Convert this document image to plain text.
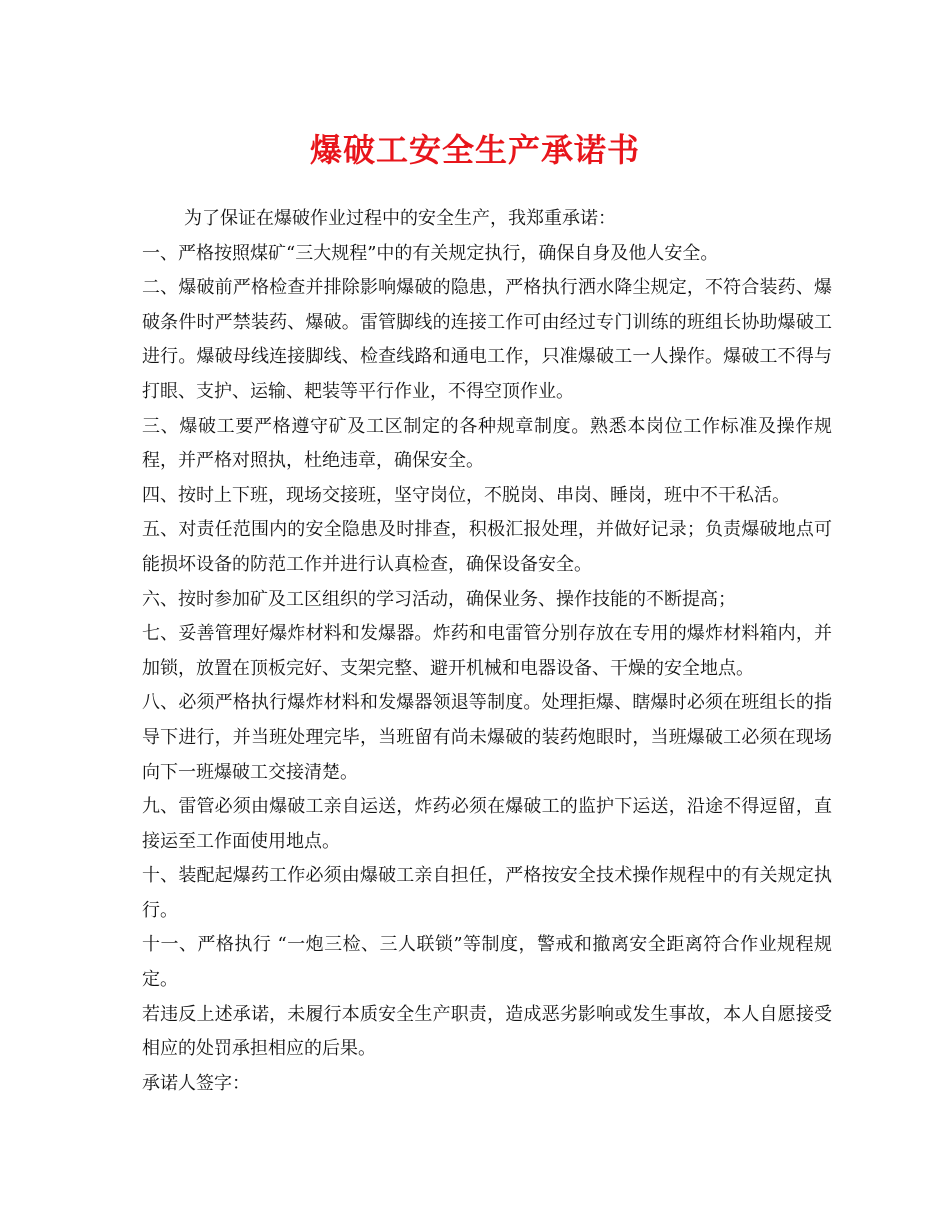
爆破工安全生产承诺书

为了保证在爆破作业过程中的安全生产，我郑重承诺：

一、严格按照煤矿“三大规程”中的有关规定执行，确保自身及他人安全。

二、爆破前严格检查并排除影响爆破的隐患，严格执行洒水降尘规定，不符合装药、爆破条件时严禁装药、爆破。雷管脚线的连接工作可由经过专门训练的班组长协助爆破工进行。爆破母线连接脚线、检查线路和通电工作，只准爆破工一人操作。爆破工不得与打眼、支护、运输、耙装等平行作业，不得空顶作业。

三、爆破工要严格遵守矿及工区制定的各种规章制度。熟悉本岗位工作标准及操作规程，并严格对照执，杜绝违章，确保安全。

四、按时上下班，现场交接班，坚守岗位，不脱岗、串岗、睡岗，班中不干私活。

五、对责任范围内的安全隐患及时排查，积极汇报处理，并做好记录；负责爆破地点可能损坏设备的防范工作并进行认真检查，确保设备安全。

六、按时参加矿及工区组织的学习活动，确保业务、操作技能的不断提高；

七、妥善管理好爆炸材料和发爆器。炸药和电雷管分别存放在专用的爆炸材料箱内，并加锁，放置在顶板完好、支架完整、避开机械和电器设备、干燥的安全地点。

八、必须严格执行爆炸材料和发爆器领退等制度。处理拒爆、瞎爆时必须在班组长的指导下进行，并当班处理完毕，当班留有尚未爆破的装药炮眼时，当班爆破工必须在现场向下一班爆破工交接清楚。

九、雷管必须由爆破工亲自运送，炸药必须在爆破工的监护下运送，沿途不得逗留，直接运至工作面使用地点。

十、装配起爆药工作必须由爆破工亲自担任，严格按安全技术操作规程中的有关规定执行。

十一、严格执行 “一炮三检、三人联锁”等制度，警戒和撤离安全距离符合作业规程规定。

若违反上述承诺，未履行本质安全生产职责，造成恶劣影响或发生事故，本人自愿接受相应的处罚承担相应的后果。

承诺人签字：
